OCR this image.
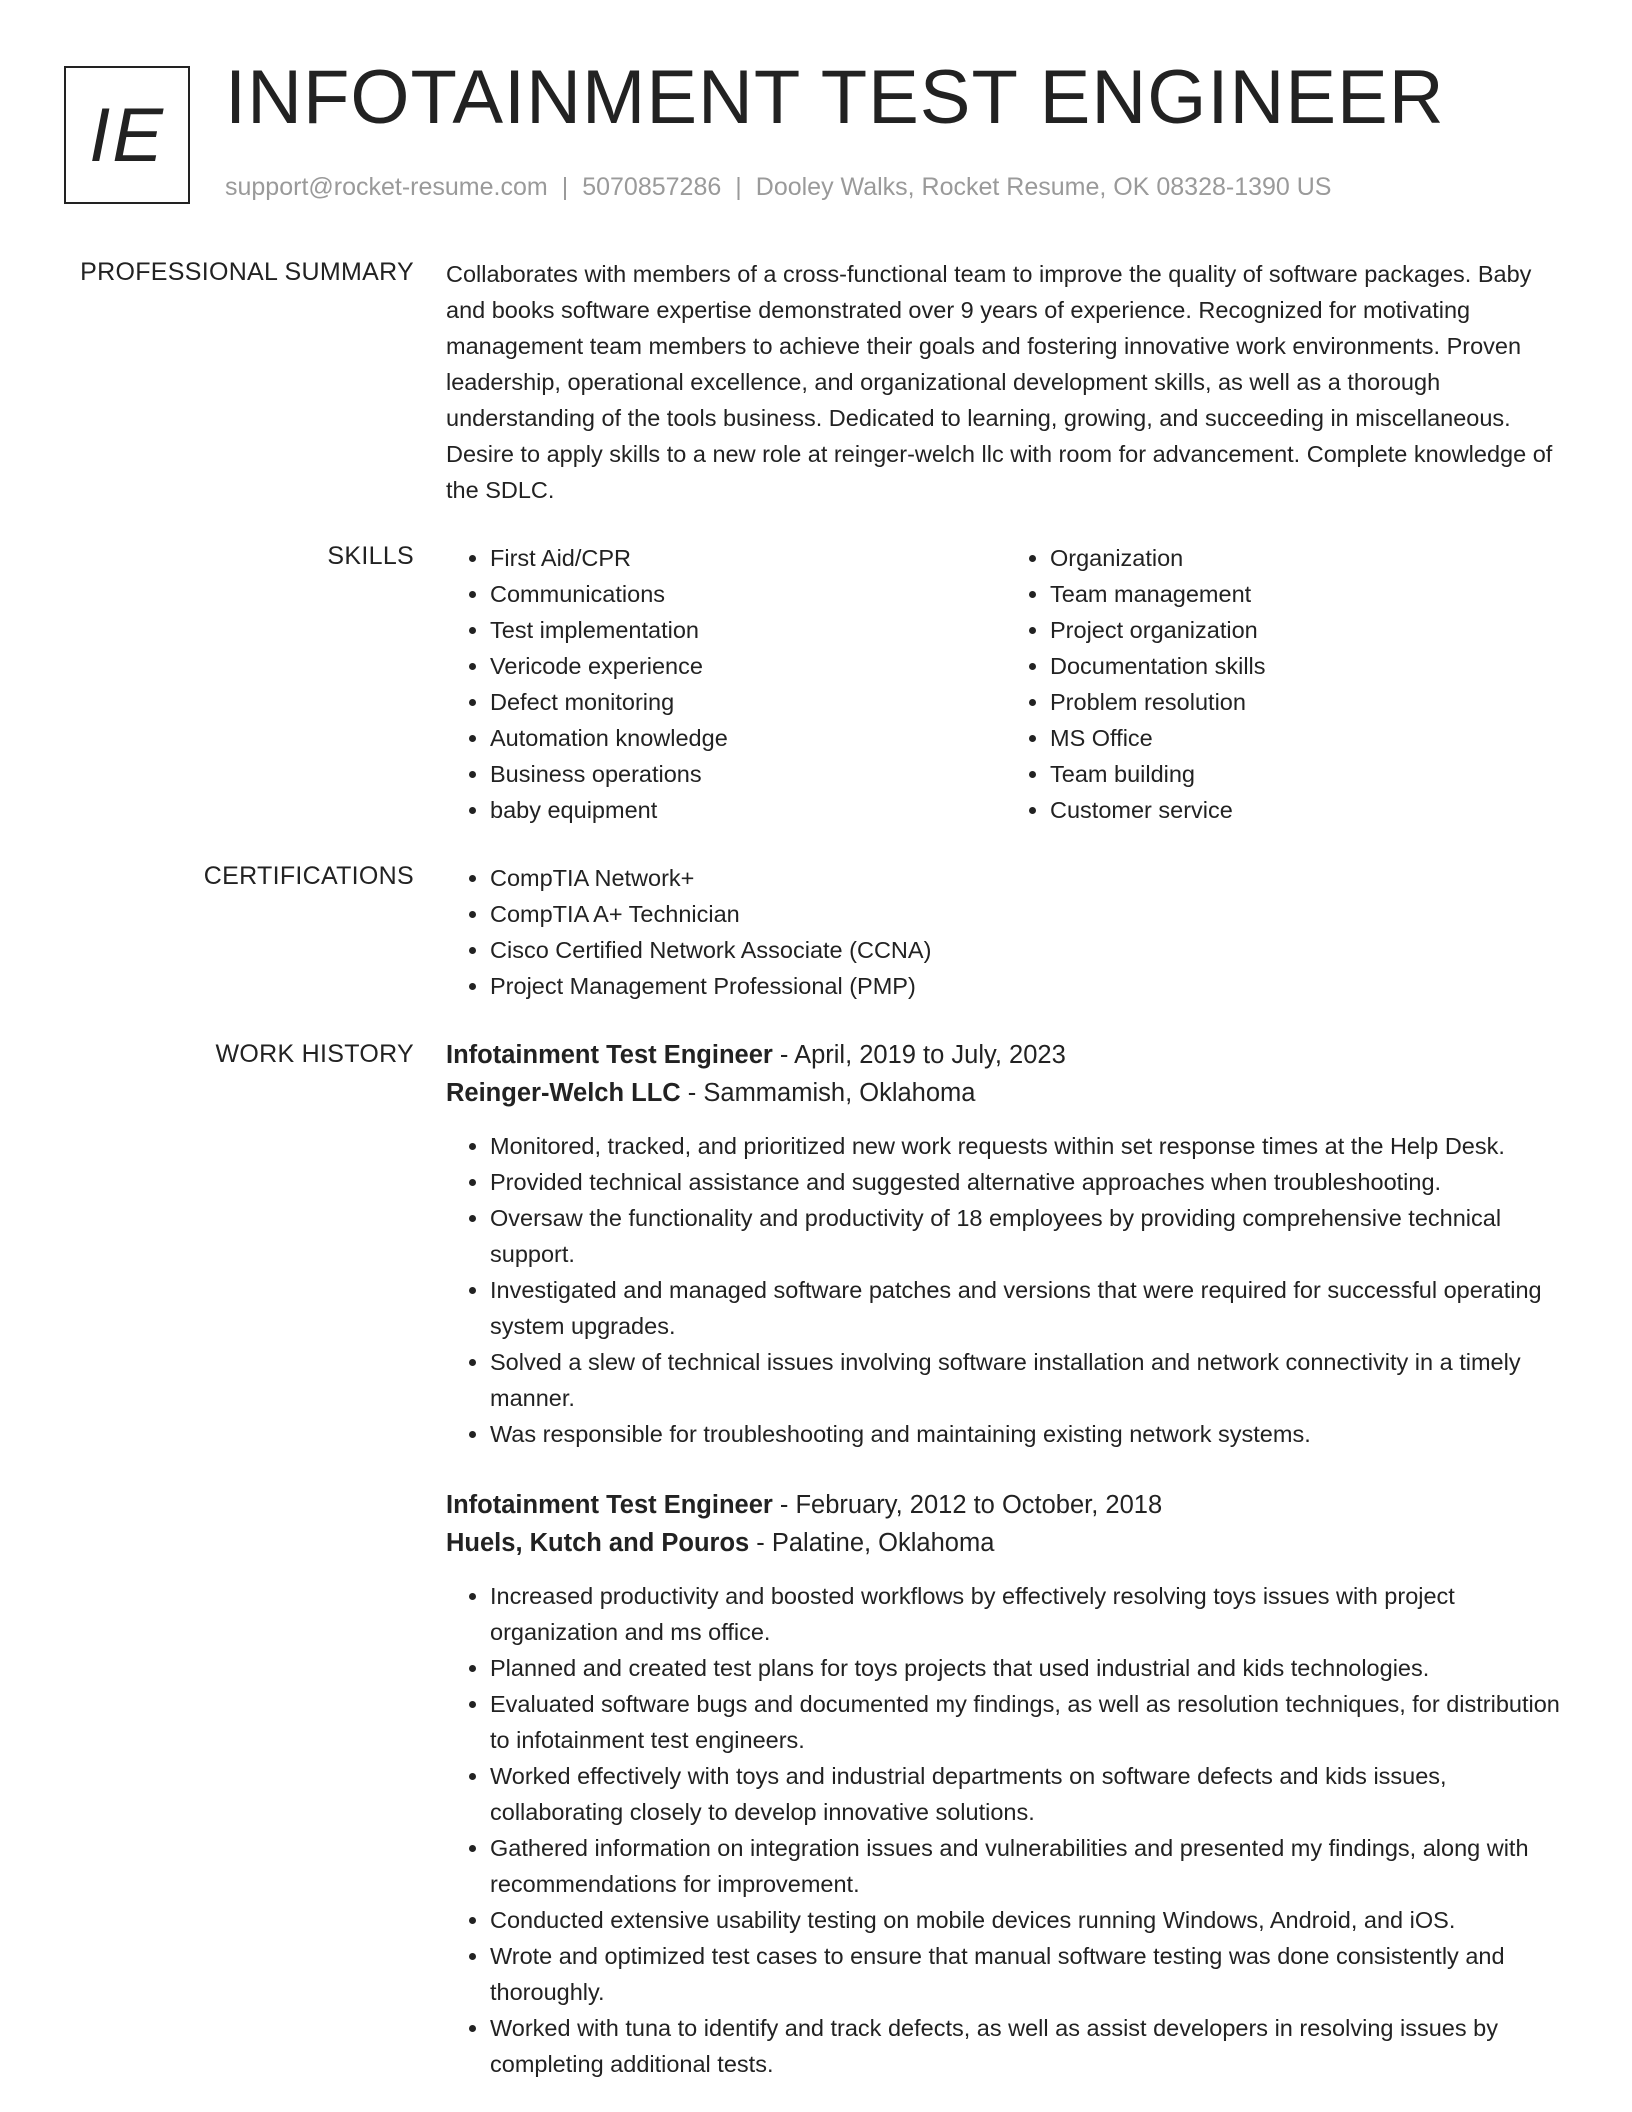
IE INFOTAINMENT TEST ENGINEER
support@rocket-resume.com | 5070857286 | Dooley Walks, Rocket Resume, OK 08328-1390 US
PROFESSIONAL SUMMARY Collaborates with members of a cross-functional team to improve the quality of software packages. Baby and books software expertise demonstrated over 9 years of experience. Recognized for motivating management team members to achieve their goals and fostering innovative work environments. Proven leadership, operational excellence, and organizational development skills, as well as a thorough understanding of the tools business. Dedicated to learning, growing, and succeeding in miscellaneous. Desire to apply skills to a new role at reinger-welch llc with room for advancement. Complete knowledge of the SDLC.
SKILLS	• First Aid/CPR
• Communications
• Test implementation
• Vericode experience
• Defect monitoring
• Automation knowledge
• Business operations
• baby equipment
• Organization
• Team management
• Project organization
• Documentation skills
• Problem resolution
• MS Office
• Team building
• Customer service
CERTIFICATIONS	• CompTIA Network+
• CompTIA A+ Technician
• Cisco Certified Network Associate (CCNA)
• Project Management Professional (PMP)
WORK HISTORY Infotainment Test Engineer - April, 2019 to July, 2023
Reinger-Welch LLC - Sammamish, Oklahoma
• Monitored, tracked, and prioritized new work requests within set response times at the Help Desk.
• Provided technical assistance and suggested alternative approaches when troubleshooting.
• Oversaw the functionality and productivity of 18 employees by providing comprehensive technical support.
• Investigated and managed software patches and versions that were required for successful operating system upgrades.
• Solved a slew of technical issues involving software installation and network connectivity in a timely manner.
• Was responsible for troubleshooting and maintaining existing network systems.
Infotainment Test Engineer - February, 2012 to October, 2018
Huels, Kutch and Pouros - Palatine, Oklahoma
• Increased productivity and boosted workflows by effectively resolving toys issues with project organization and ms office.
• Planned and created test plans for toys projects that used industrial and kids technologies.
• Evaluated software bugs and documented my findings, as well as resolution techniques, for distribution to infotainment test engineers.
• Worked effectively with toys and industrial departments on software defects and kids issues, collaborating closely to develop innovative solutions.
• Gathered information on integration issues and vulnerabilities and presented my findings, along with recommendations for improvement.
• Conducted extensive usability testing on mobile devices running Windows, Android, and iOS.
• Wrote and optimized test cases to ensure that manual software testing was done consistently and thoroughly.
• Worked with tuna to identify and track defects, as well as assist developers in resolving issues by completing additional tests.
